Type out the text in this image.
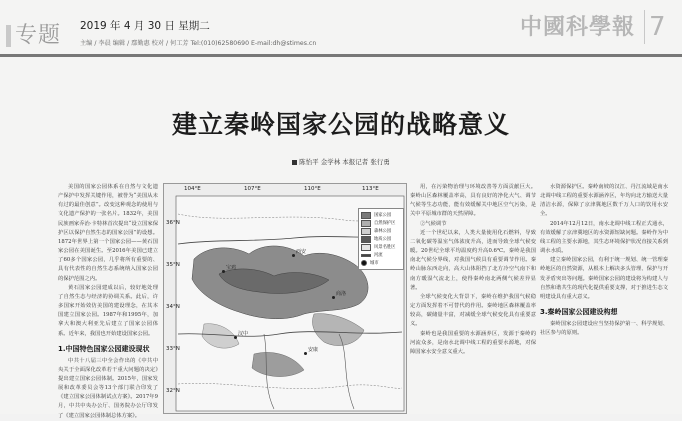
专题 2019 年 4 月 30 日 星期二
主编 / 李晨 编辑 / 鄢勤惠 校对 / 何工芳 Tel:(010)62580690 E-mail:dh@stimes.cn
中國科學報 7
建立秦岭国家公园的战略意义
陈怡平 金学林 本报记者 张行勇

美国的国家公园体系在自然与文化遗产保护中发挥关键作用，被誉为“美国从未有过的最佳创意”。改变这种观念的使用与文化遗产保护的一张名片。1832年，美国民族画家乔治·卡特林首次提出“设立国家保护区以保护自然生态的国家公园”的设想。1872年世界上第一个国家公园——黄石国家公园在美国诞生。至2016年美国已建立了60多个国家公园，几乎将所有重要的、具有代表性的自然生态系统纳入国家公园的保护范围之内。

黄石国家公园建成以后，较好地处理了自然生态与经济的协调关系。此后，许多国家开始效仿美国的建设理念，在其本国建立国家公园。1987年和1995年，加拿大和澳大利亚先后建立了国家公园体系。近年来，我国也开始建设国家公园。

1.中国特色国家公园建设现状

中共十八届三中全会作出的《中共中央关于全面深化改革若干重大问题的决定》提出建立国家公园体制。2015年，国家发展和改革委员会等13个部门联合印发了《建立国家公园体制试点方案》。2017年9月，中共中央办公厅、国务院办公厅印发了《建立国家公园体制总体方案》。

104°E	107°E	110°E	113°E
36°N
35°N
34°N
33°N
32°N
宝鸡
西安
商洛
汉中
安康
国家公园
自然保护区
森林公园
地质公园
风景名胜区
河流
城市

用，在污染物治理与环境改善等方面贡献巨大。秦岭山区森林覆盖率高，具有良好的净化大气、调节气候等生态功能，能有效缓解关中地区空气污染，是关中平原城市群的天然屏障。

②气候调节

近一个世纪以来，人类大量使用化石燃料，导致二氧化碳等温室气体浓度升高，进而导致全球气候变暖。20世纪全球平均温度约升高0.6℃。秦岭是我国南北气候分界线，对我国气候具有重要调节作用。秦岭山脉东西走向，高大山体阻挡了北方冷空气南下和南方暖湿气流北上，使得秦岭南北两侧气候差异显著。

全球气候变化大背景下，秦岭在维护我国气候稳定方面发挥着不可替代的作用。秦岭地区森林覆盖率较高，碳储量丰富，对减缓全球气候变化具有重要意义。

秦岭也是我国重要的水源涵养区，发源于秦岭的河流众多，是南水北调中线工程的重要水源地，对保障国家水安全意义重大。

水资源保护区。秦岭南坡的汉江、丹江流域是南水北调中线工程的重要水源涵养区，年均向北方输送大量清洁水源，保障了京津冀地区数千万人口的饮用水安全。

2014年12月12日，南水北调中线工程正式通水，有效缓解了京津冀地区的水资源短缺问题。秦岭作为中线工程的主要水源地，其生态环境保护状况直接关系到调水水质。

建立秦岭国家公园，有利于统一规划、统一管理秦岭地区的自然资源，从根本上解决多头管理、保护与开发矛盾突出等问题。秦岭国家公园的建设将为构建人与自然和谐共生的现代化提供重要支撑，对于推进生态文明建设具有重大意义。

3.秦岭国家公园建设构想

秦岭国家公园建设应当坚持保护第一、科学规划、社区参与的原则。
